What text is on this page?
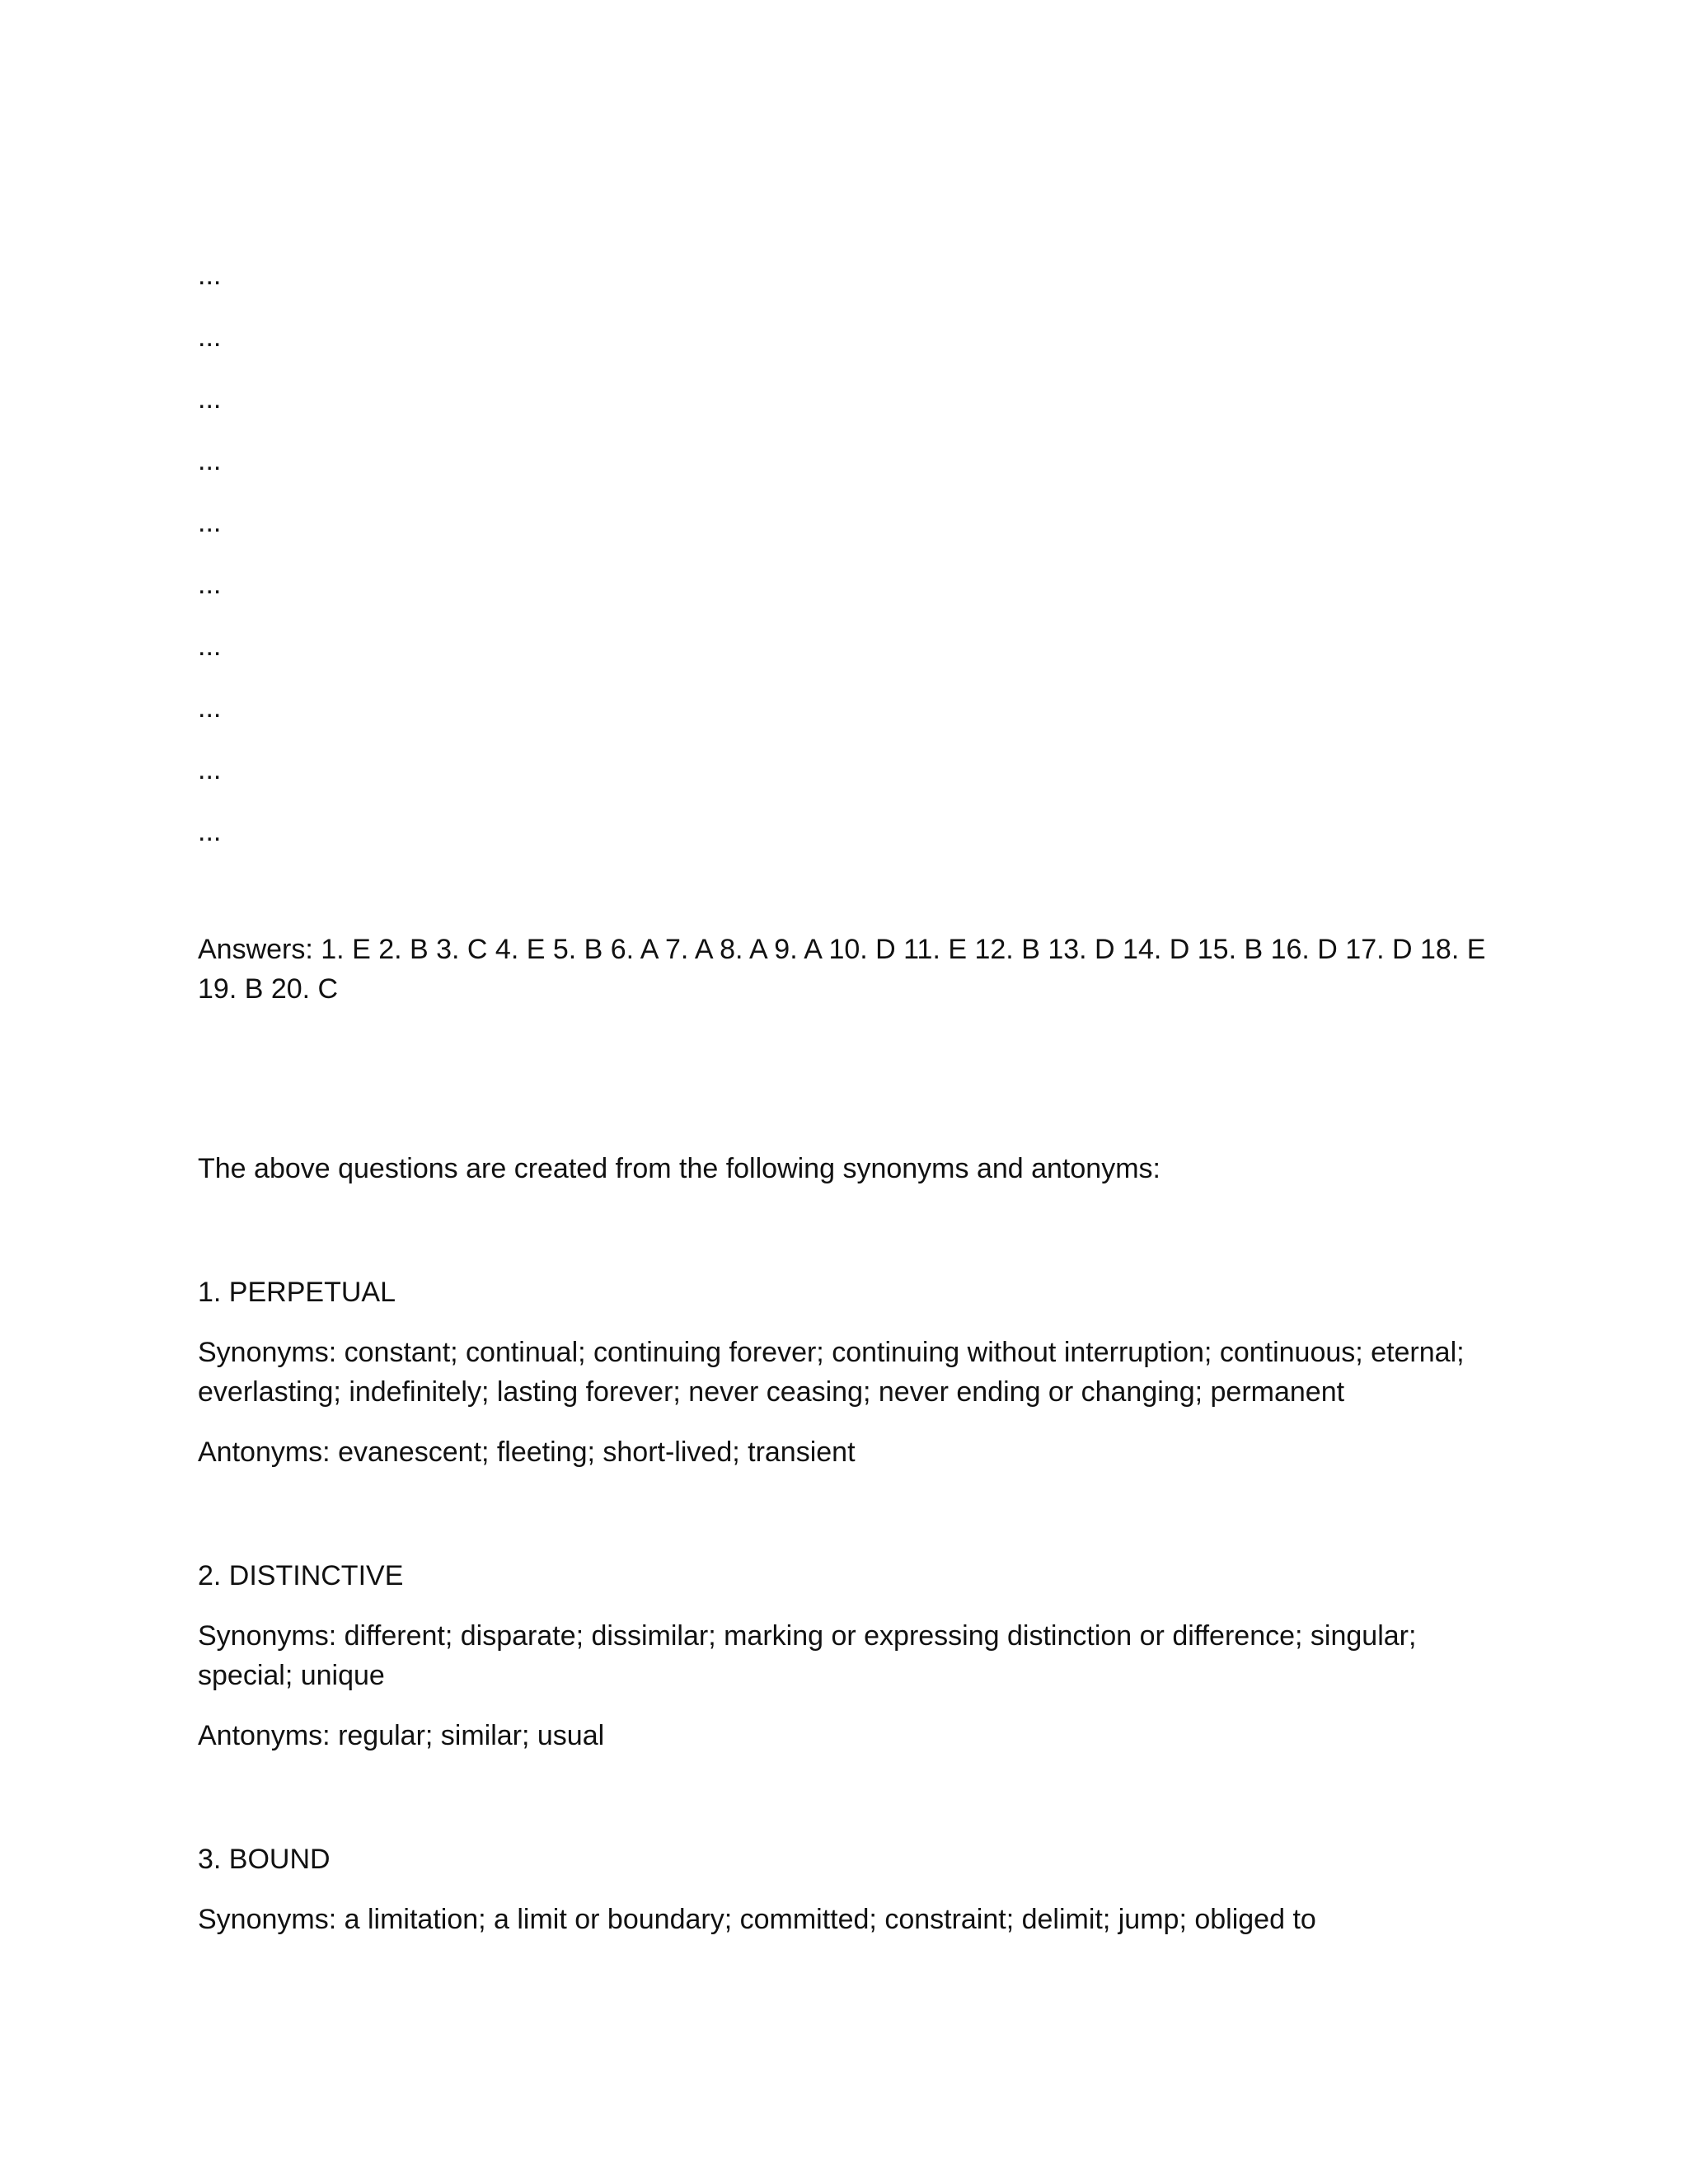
...
...
...
...
...
...
...
...
...
...

Answers: 1. E 2. B 3. C 4. E 5. B 6. A 7. A 8. A 9. A 10. D 11. E 12. B 13. D 14. D 15. B 16. D 17. D 18. E 19. B 20. C

The above questions are created from the following synonyms and antonyms:

1. PERPETUAL

Synonyms: constant; continual; continuing forever; continuing without interruption; continuous; eternal; everlasting; indefinitely; lasting forever; never ceasing; never ending or changing; permanent

Antonyms: evanescent; fleeting; short-lived; transient

2. DISTINCTIVE

Synonyms: different; disparate; dissimilar; marking or expressing distinction or difference; singular; special; unique

Antonyms: regular; similar; usual

3. BOUND

Synonyms: a limitation; a limit or boundary; committed; constraint; delimit; jump; obliged to
